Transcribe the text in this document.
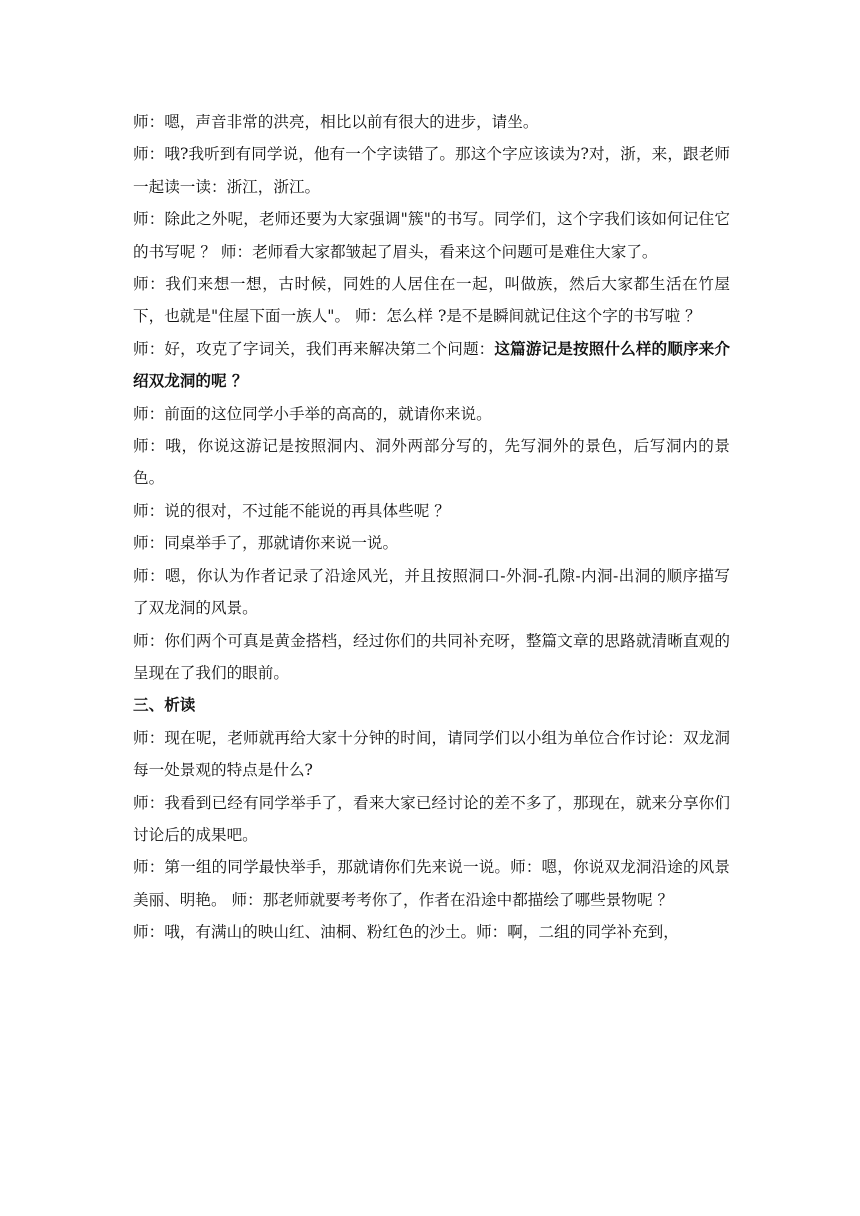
师：嗯，声音非常的洪亮，相比以前有很大的进步，请坐。

师：哦?我听到有同学说，他有一个字读错了。那这个字应该读为?对，浙，来，跟老师一起读一读：浙江，浙江。

师：除此之外呢，老师还要为大家强调"簇"的书写。同学们，这个字我们该如何记住它的书写呢 ？ 师：老师看大家都皱起了眉头，看来这个问题可是难住大家了。

师：我们来想一想，古时候，同姓的人居住在一起，叫做族，然后大家都生活在竹屋下，也就是"住屋下面一族人"。 师：怎么样 ?是不是瞬间就记住这个字的书写啦 ？

师：好，攻克了字词关，我们再来解决第二个问题：这篇游记是按照什么样的顺序来介绍双龙洞的呢 ？

师：前面的这位同学小手举的高高的，就请你来说。

师：哦，你说这游记是按照洞内、洞外两部分写的，先写洞外的景色，后写洞内的景色。

师：说的很对，不过能不能说的再具体些呢 ？

师：同桌举手了，那就请你来说一说。

师：嗯，你认为作者记录了沿途风光，并且按照洞口-外洞-孔隙-内洞-出洞的顺序描写了双龙洞的风景。

师：你们两个可真是黄金搭档，经过你们的共同补充呀，整篇文章的思路就清晰直观的呈现在了我们的眼前。

三、析读

师：现在呢，老师就再给大家十分钟的时间，请同学们以小组为单位合作讨论：双龙洞每一处景观的特点是什么?

师：我看到已经有同学举手了，看来大家已经讨论的差不多了，那现在，就来分享你们讨论后的成果吧。

师：第一组的同学最快举手，那就请你们先来说一说。师：嗯，你说双龙洞沿途的风景美丽、明艳。 师：那老师就要考考你了，作者在沿途中都描绘了哪些景物呢 ？

师：哦，有满山的映山红、油桐、粉红色的沙土。师：啊，二组的同学补充到，
